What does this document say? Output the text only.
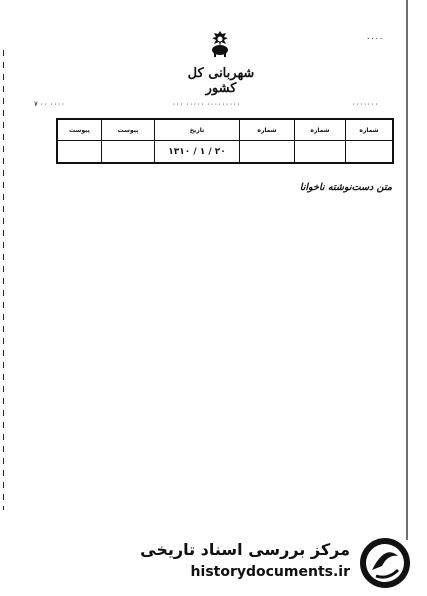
۰۰۰۰
شهربانی کل کشور
۰۰۰۰۰۰۰
۰۰۰ ۰۰۰۰۰ ۰۰۰۰۰۰۰۰۰
۷ ۰۰ ۰۰۰۰
شماره
شماره
شماره
تاریخ
۱۳۱۰ / ۱ / ۲۰
پیوست
پیوست

متن دست‌نوشته ناخوانا

مرکز بررسی اسناد تاریخی
historydocuments.ir
